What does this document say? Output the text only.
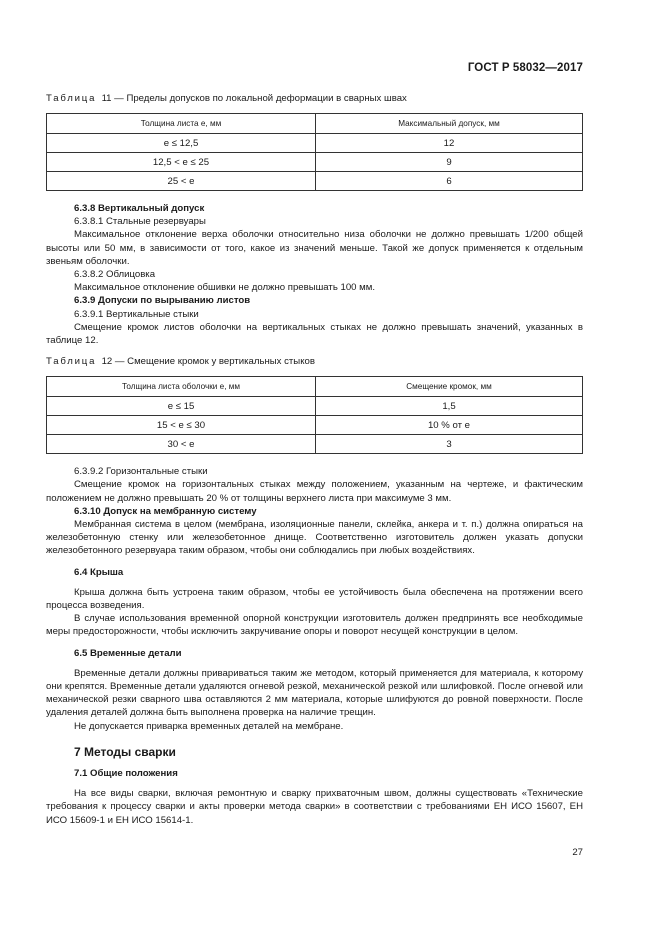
ГОСТ Р 58032—2017
Таблица 11 — Пределы допусков по локальной деформации в сварных швах
Толщина листа е, мм	Максимальный допуск, мм
е ≤ 12,5	12
12,5 < е ≤ 25	9
25 < е	6

6.3.8 Вертикальный допуск

6.3.8.1 Стальные резервуары

Максимальное отклонение верха оболочки относительно низа оболочки не должно превышать 1/200 общей высоты или 50 мм, в зависимости от того, какое из значений меньше. Такой же допуск применяется к отдельным звеньям оболочки.

6.3.8.2 Облицовка

Максимальное отклонение обшивки не должно превышать 100 мм.

6.3.9 Допуски по вырыванию листов

6.3.9.1 Вертикальные стыки

Смещение кромок листов оболочки на вертикальных стыках не должно превышать значений, указанных в таблице 12.

Таблица 12 — Смещение кромок у вертикальных стыков
Толщина листа оболочки е, мм	Смещение кромок, мм
е ≤ 15	1,5
15 < е ≤ 30	10 % от е
30 < е	3

6.3.9.2 Горизонтальные стыки

Смещение кромок на горизонтальных стыках между положением, указанным на чертеже, и фактическим положением не должно превышать 20 % от толщины верхнего листа при максимуме 3 мм.

6.3.10 Допуск на мембранную систему

Мембранная система в целом (мембрана, изоляционные панели, склейка, анкера и т. п.) должна опираться на железобетонную стенку или железобетонное днище. Соответственно изготовитель должен указать допуски железобетонного резервуара таким образом, чтобы они соблюдались при любых воздействиях.

6.4 Крыша

Крыша должна быть устроена таким образом, чтобы ее устойчивость была обеспечена на протяжении всего процесса возведения.

В случае использования временной опорной конструкции изготовитель должен предпринять все необходимые меры предосторожности, чтобы исключить закручивание опоры и поворот несущей конструкции в целом.

6.5 Временные детали

Временные детали должны привариваться таким же методом, который применяется для материала, к которому они крепятся. Временные детали удаляются огневой резкой, механической резкой или шлифовкой. После огневой или механической резки сварного шва оставляются 2 мм материала, которые шлифуются до ровной поверхности. После удаления деталей должна быть выполнена проверка на наличие трещин.

Не допускается приварка временных деталей на мембране.

7 Методы сварки

7.1 Общие положения

На все виды сварки, включая ремонтную и сварку прихваточным швом, должны существовать «Технические требования к процессу сварки и акты проверки метода сварки» в соответствии с требованиями ЕН ИСО 15607, ЕН ИСО 15609-1 и ЕН ИСО 15614-1.

27
